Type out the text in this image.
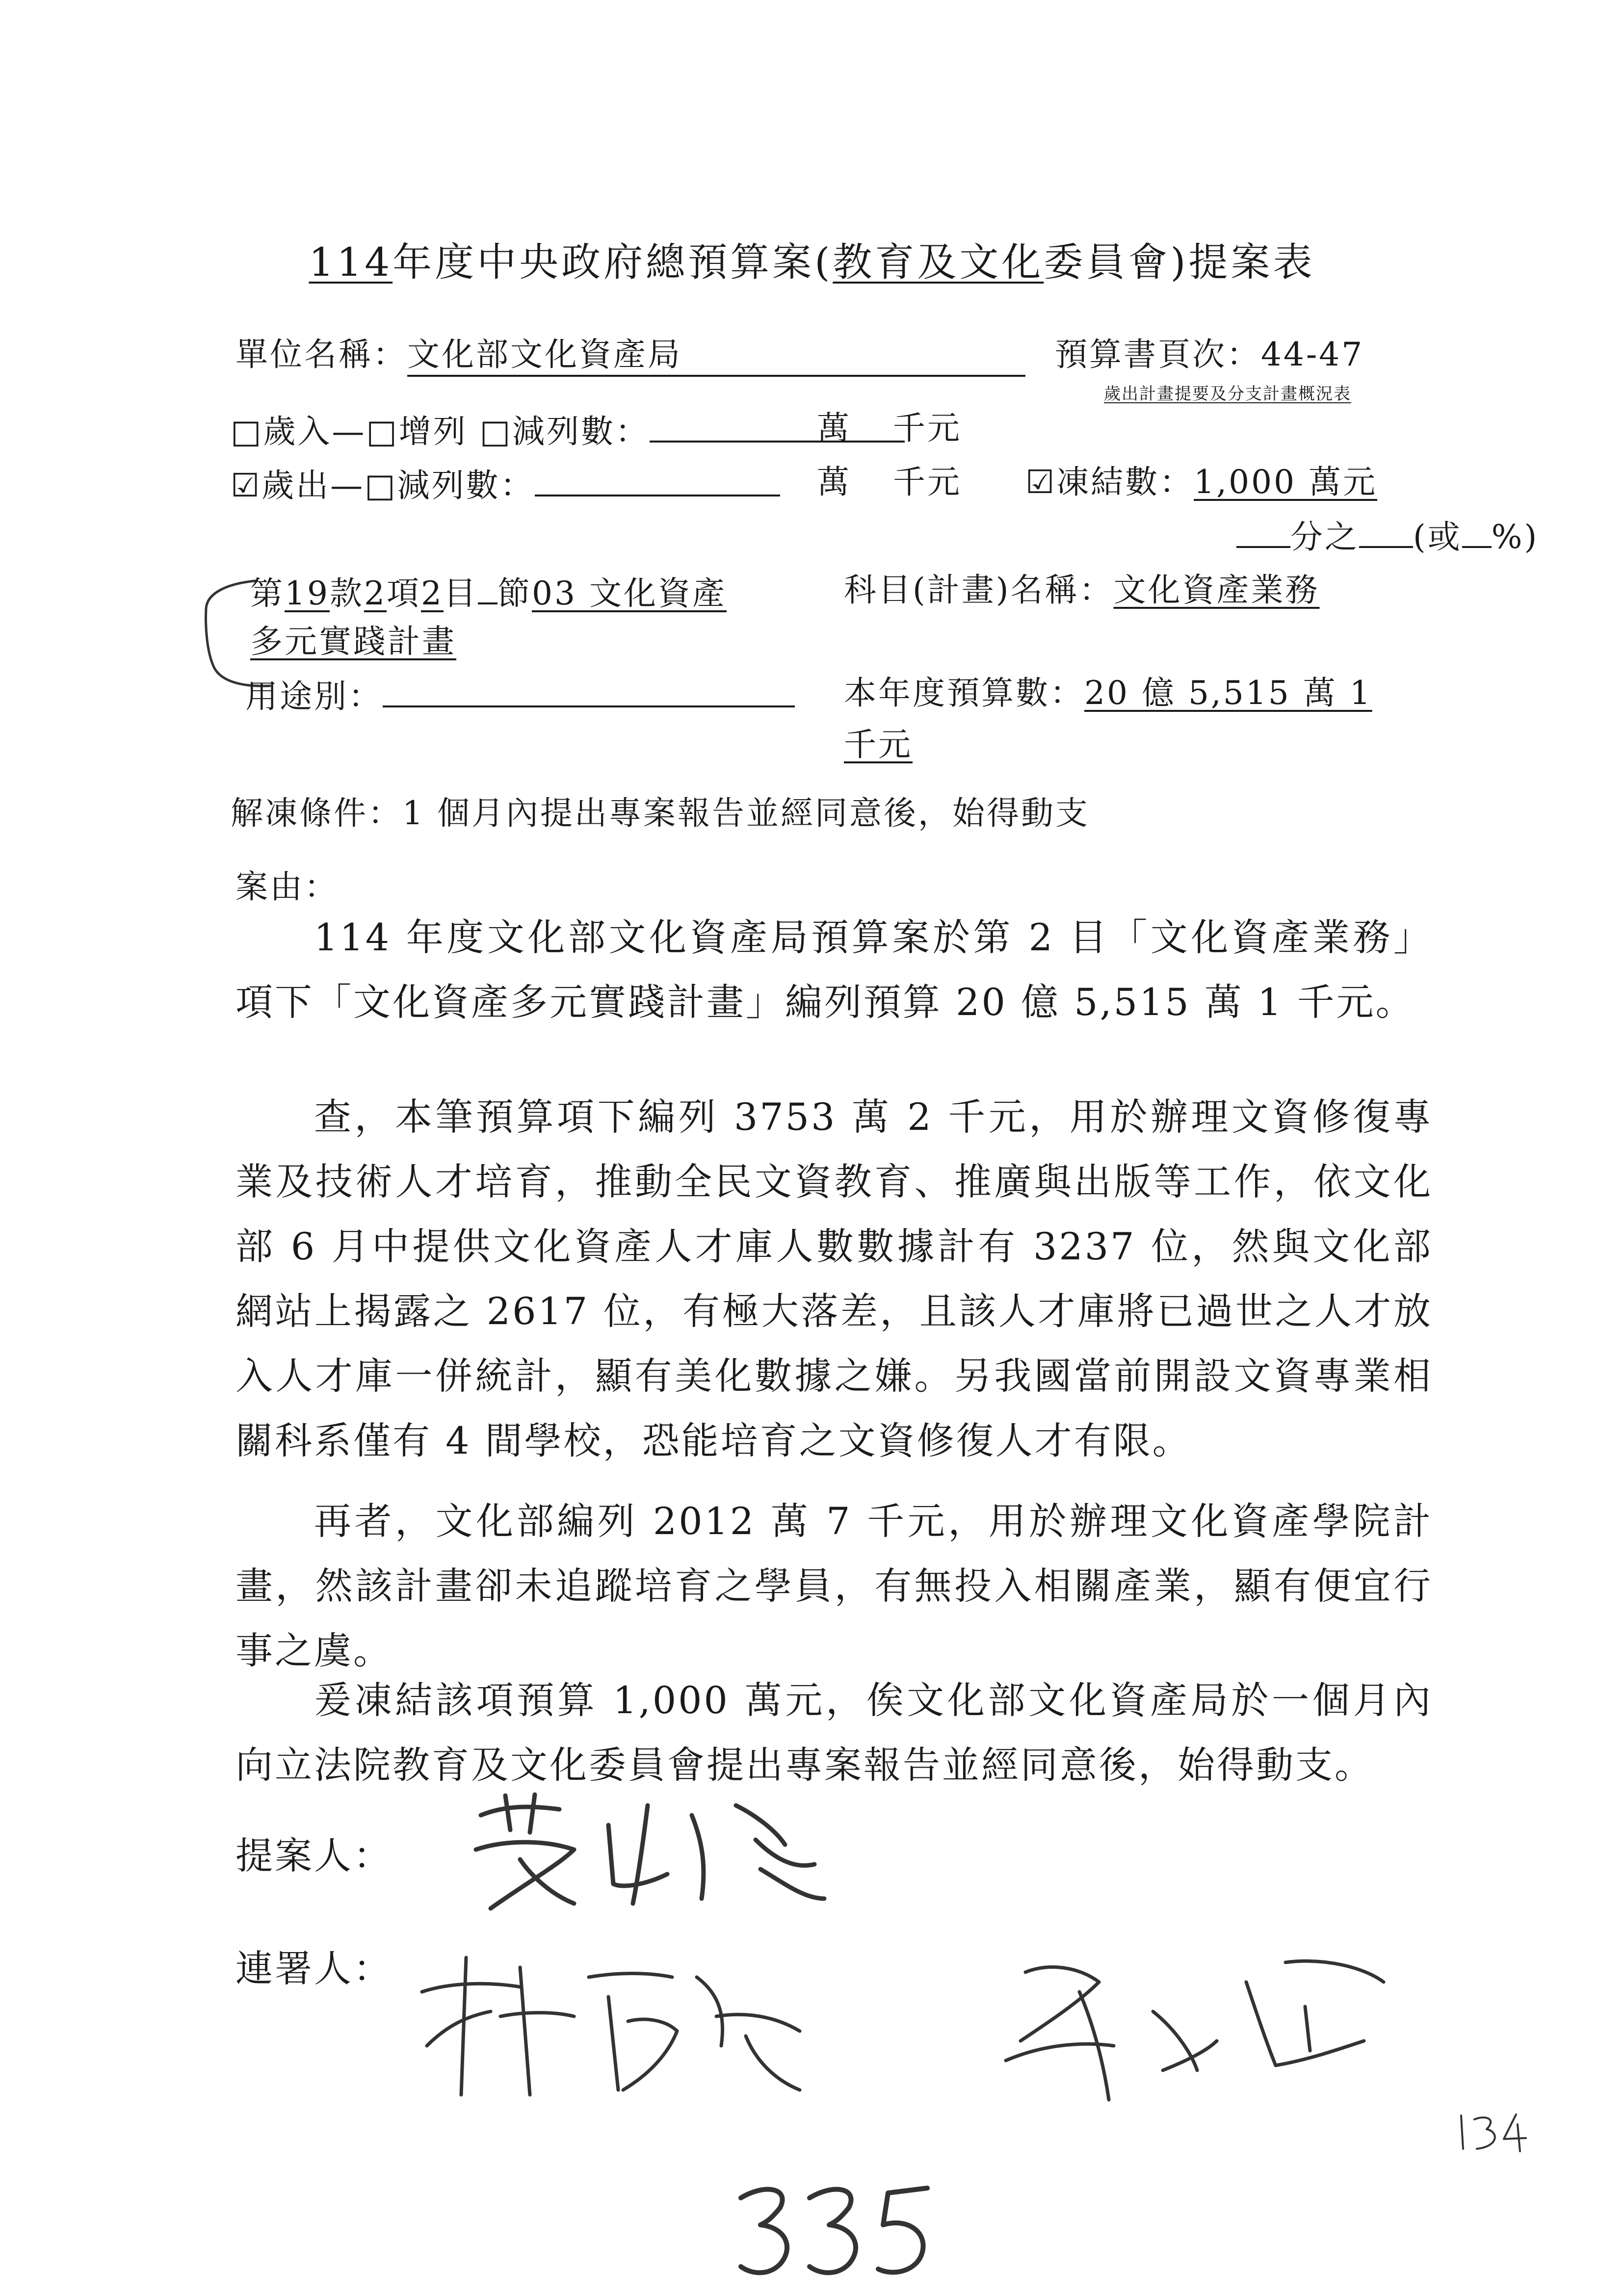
114年度中央政府總預算案(教育及文化委員會)提案表
單位名稱：文化部文化資產局	預算書頁次：44-47
歲出計畫提要及分支計畫概況表
□歲入—□增列 □減列數：	萬 千元
☑歲出—□減列數：	萬 千元 ☑凍結數：1,000 萬元
分之 (或 %)
第19款2項2目 節03 文化資產
多元實踐計畫
科目(計畫)名稱：文化資產業務
用途別：	本年度預算數：20 億 5,515 萬 1
千元
解凍條件：1 個月內提出專案報告並經同意後，始得動支
案由：
114 年度文化部文化資產局預算案於第 2 目「文化資產業務」項下「文化資產多元實踐計畫」編列預算 20 億 5,515 萬 1 千元。
查，本筆預算項下編列 3753 萬 2 千元，用於辦理文資修復專業及技術人才培育，推動全民文資教育、推廣與出版等工作，依文化部 6 月中提供文化資產人才庫人數數據計有 3237 位，然與文化部網站上揭露之 2617 位，有極大落差，且該人才庫將已過世之人才放入人才庫一併統計，顯有美化數據之嫌。另我國當前開設文資專業相關科系僅有 4 間學校，恐能培育之文資修復人才有限。
再者，文化部編列 2012 萬 7 千元，用於辦理文化資產學院計畫，然該計畫卻未追蹤培育之學員，有無投入相關產業，顯有便宜行事之虞。
爰凍結該項預算 1,000 萬元，俟文化部文化資產局於一個月內向立法院教育及文化委員會提出專案報告並經同意後，始得動支。
提案人：
連署人：
